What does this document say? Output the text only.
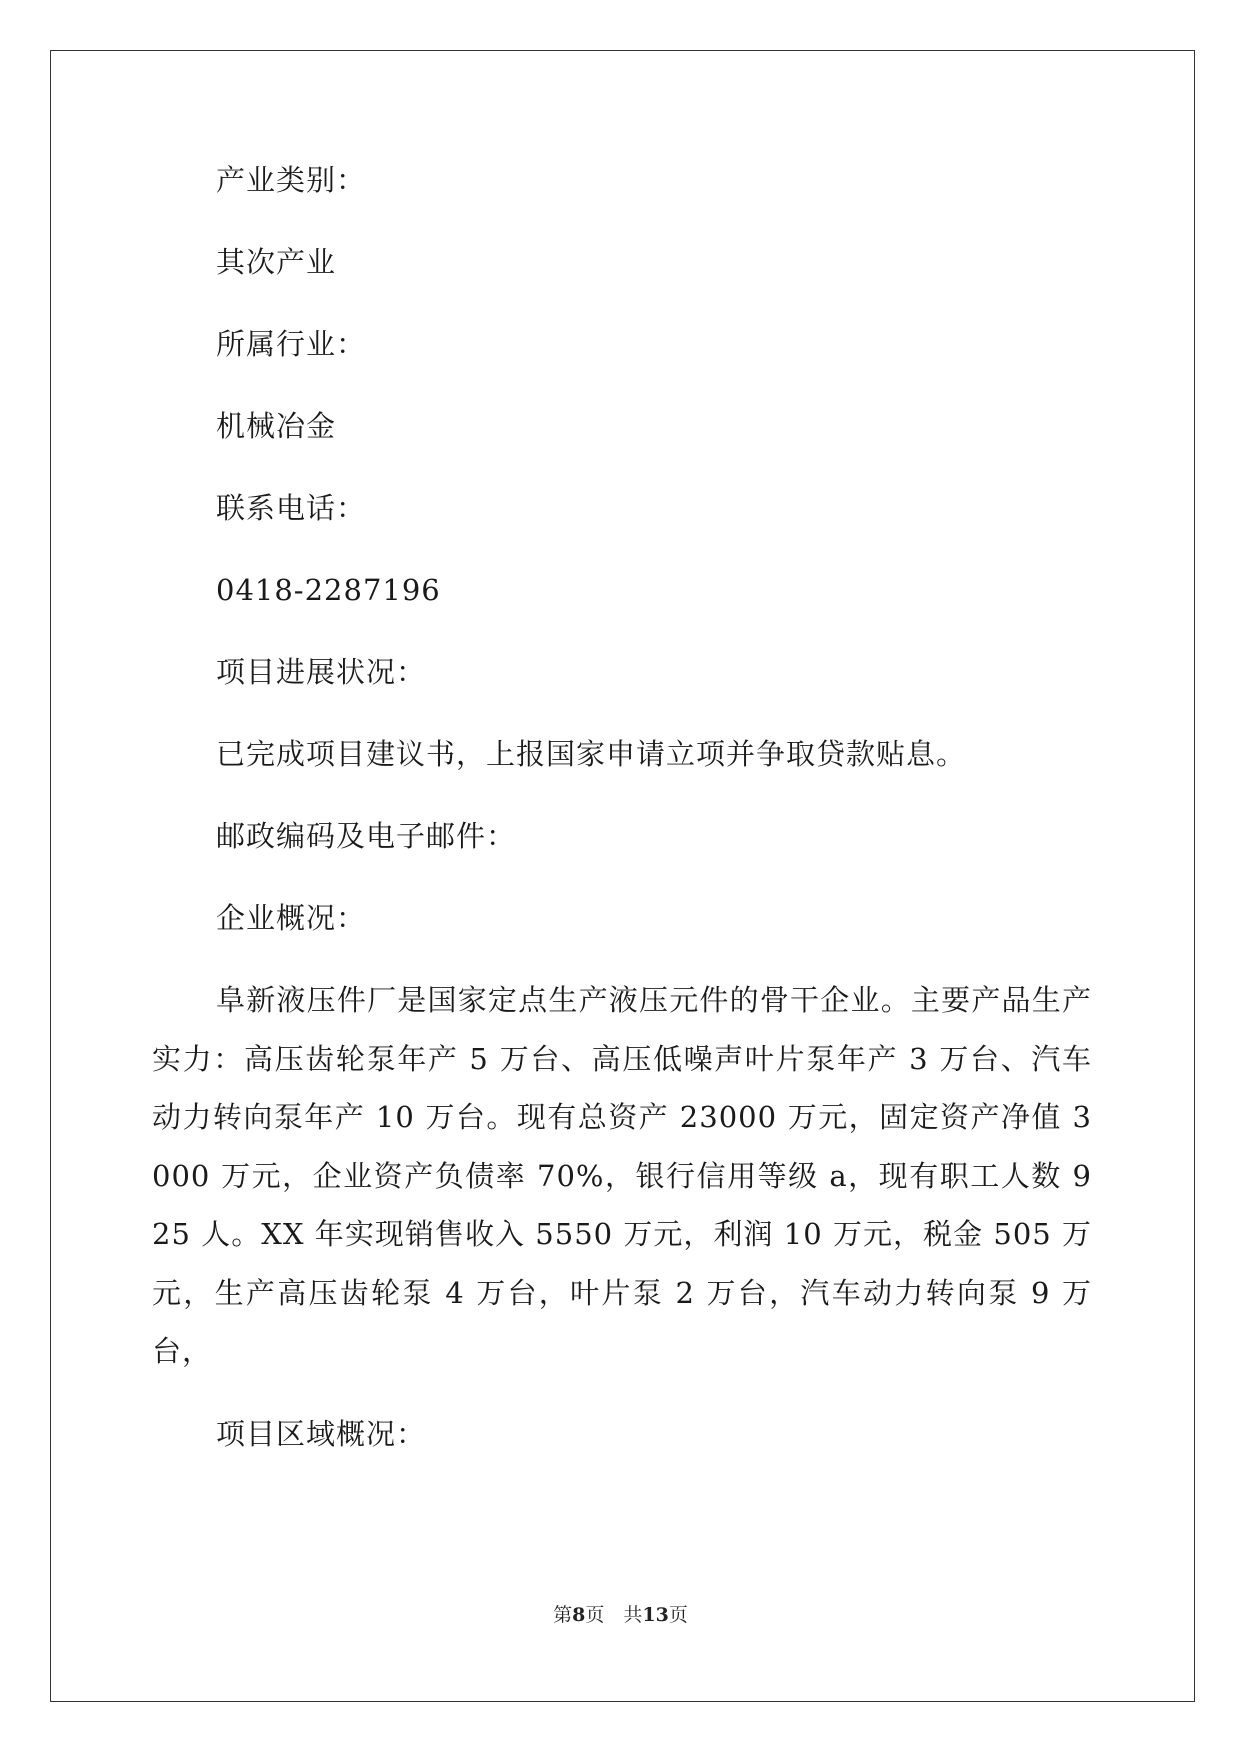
产业类别：

其次产业

所属行业：

机械冶金

联系电话：

0418-2287196

项目进展状况：

已完成项目建议书，上报国家申请立项并争取贷款贴息。

邮政编码及电子邮件：

企业概况：

阜新液压件厂是国家定点生产液压元件的骨干企业。主要产品生产实力：高压齿轮泵年产 5 万台、高压低噪声叶片泵年产 3 万台、汽车动力转向泵年产 10 万台。现有总资产 23000 万元，固定资产净值 3000 万元，企业资产负债率 70%，银行信用等级 a，现有职工人数 925 人。XX 年实现销售收入 5550 万元，利润 10 万元，税金 505 万元，生产高压齿轮泵 4 万台，叶片泵 2 万台，汽车动力转向泵 9 万台，

项目区域概况：

第8页　共13页
